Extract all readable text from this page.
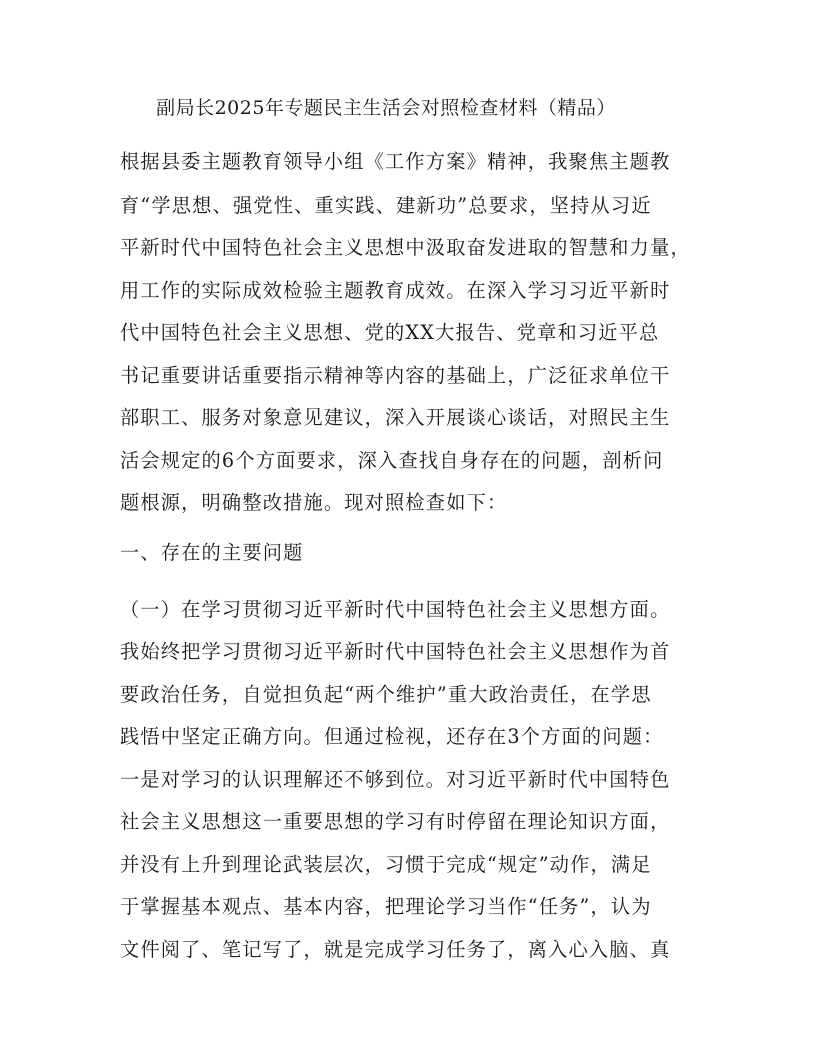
副局长2025年专题民主生活会对照检查材料（精品）
根据县委主题教育领导小组《工作方案》精神，我聚焦主题教
育“学思想、强党性、重实践、建新功”总要求，坚持从习近
平新时代中国特色社会主义思想中汲取奋发进取的智慧和力量，
用工作的实际成效检验主题教育成效。在深入学习习近平新时
代中国特色社会主义思想、党的XX大报告、党章和习近平总
书记重要讲话重要指示精神等内容的基础上，广泛征求单位干
部职工、服务对象意见建议，深入开展谈心谈话，对照民主生
活会规定的6个方面要求，深入查找自身存在的问题，剖析问
题根源，明确整改措施。现对照检查如下：
一、存在的主要问题
（一）在学习贯彻习近平新时代中国特色社会主义思想方面。
我始终把学习贯彻习近平新时代中国特色社会主义思想作为首
要政治任务，自觉担负起“两个维护”重大政治责任，在学思
践悟中坚定正确方向。但通过检视，还存在3个方面的问题：
一是对学习的认识理解还不够到位。对习近平新时代中国特色
社会主义思想这一重要思想的学习有时停留在理论知识方面，
并没有上升到理论武装层次，习惯于完成“规定”动作，满足
于掌握基本观点、基本内容，把理论学习当作“任务”，认为
文件阅了、笔记写了，就是完成学习任务了，离入心入脑、真
